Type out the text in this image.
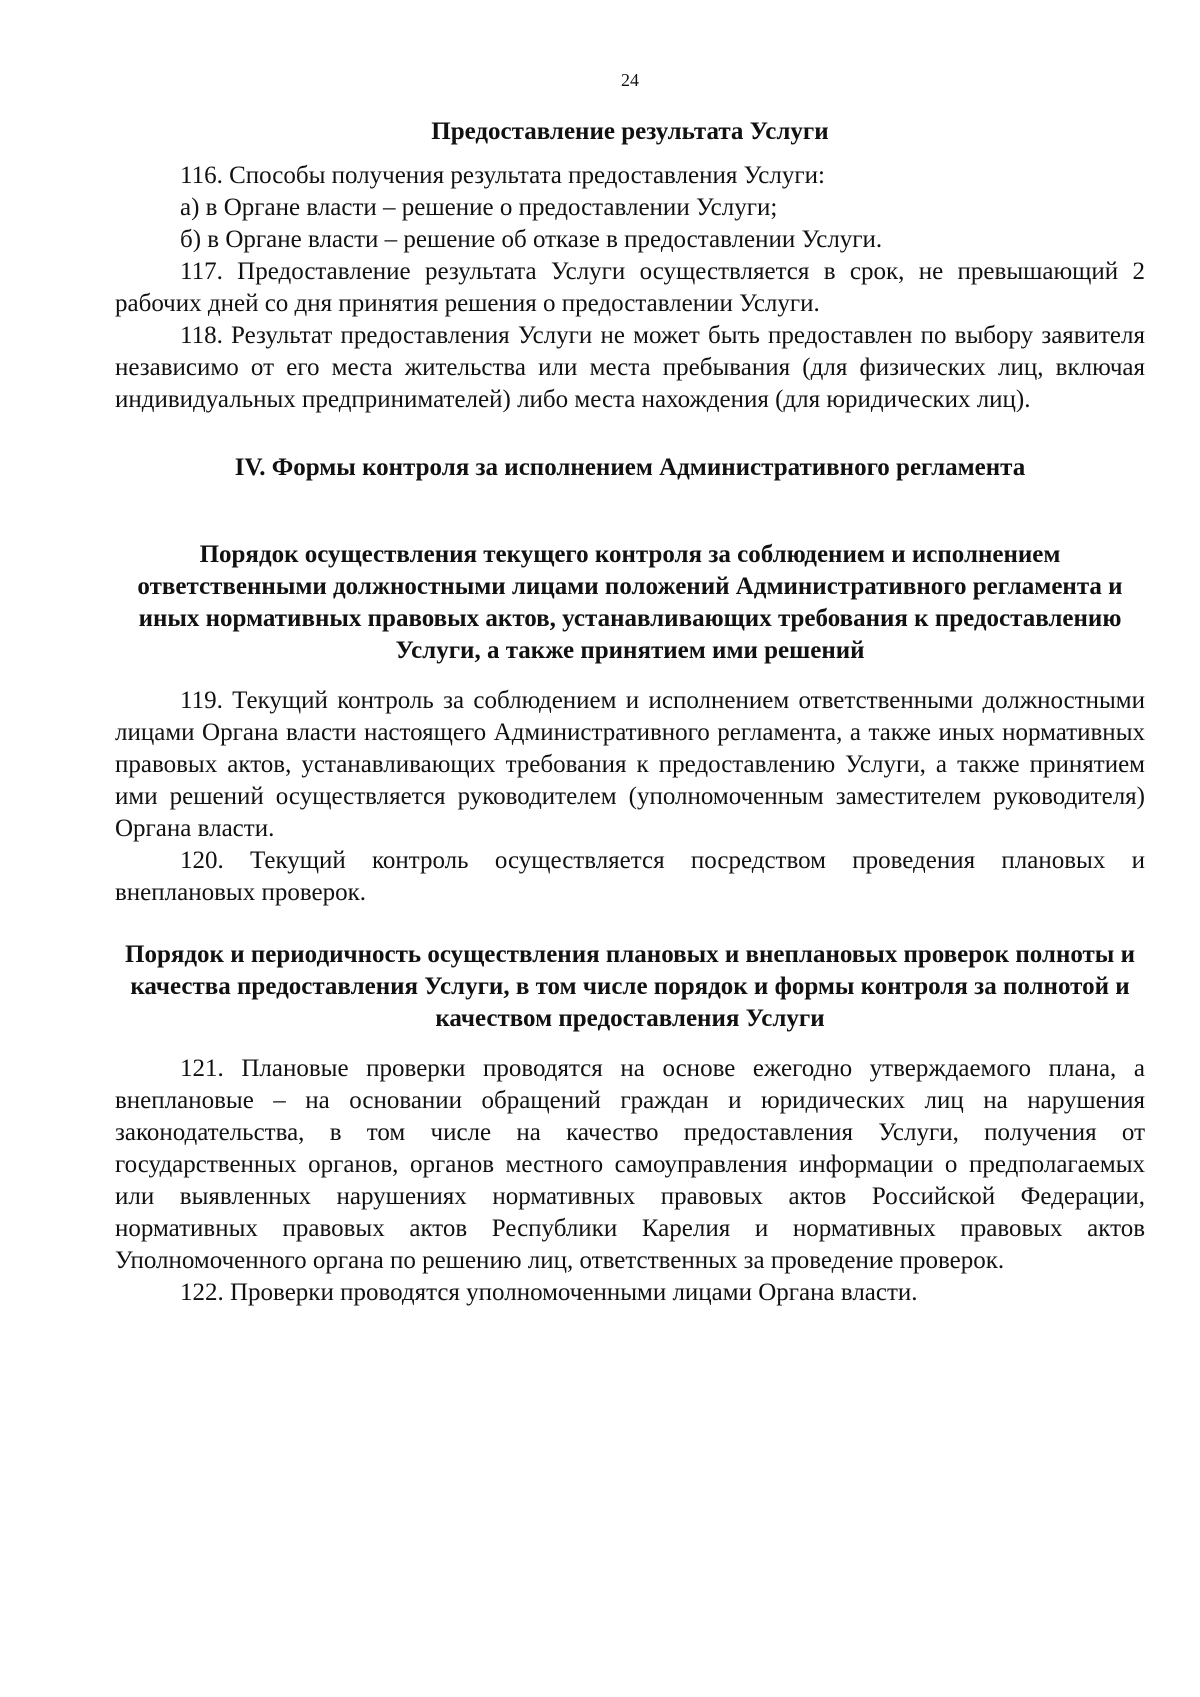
24
Предоставление результата Услуги

116. Способы получения результата предоставления Услуги:

а) в Органе власти – решение о предоставлении Услуги;

б) в Органе власти – решение об отказе в предоставлении Услуги.

117. Предоставление результата Услуги осуществляется в срок, не превышающий 2 рабочих дней со дня принятия решения о предоставлении Услуги.

118. Результат предоставления Услуги не может быть предоставлен по выбору заявителя независимо от его места жительства или места пребывания (для физических лиц, включая индивидуальных предпринимателей) либо места нахождения (для юридических лиц).

IV. Формы контроля за исполнением Административного регламента
Порядок осуществления текущего контроля за соблюдением и исполнением ответственными должностными лицами положений Административного регламента и иных нормативных правовых актов, устанавливающих требования к предоставлению Услуги, а также принятием ими решений

119. Текущий контроль за соблюдением и исполнением ответственными должностными лицами Органа власти настоящего Административного регламента, а также иных нормативных правовых актов, устанавливающих требования к предоставлению Услуги, а также принятием ими решений осуществляется руководителем (уполномоченным заместителем руководителя) Органа власти.

120. Текущий контроль осуществляется посредством проведения плановых и внеплановых проверок.

Порядок и периодичность осуществления плановых и внеплановых проверок полноты и качества предоставления Услуги, в том числе порядок и формы контроля за полнотой и качеством предоставления Услуги

121. Плановые проверки проводятся на основе ежегодно утверждаемого плана, а внеплановые – на основании обращений граждан и юридических лиц на нарушения законодательства, в том числе на качество предоставления Услуги, получения от государственных органов, органов местного самоуправления информации о предполагаемых или выявленных нарушениях нормативных правовых актов Российской Федерации, нормативных правовых актов Республики Карелия и нормативных правовых актов Уполномоченного органа по решению лиц, ответственных за проведение проверок.

122. Проверки проводятся уполномоченными лицами Органа власти.
